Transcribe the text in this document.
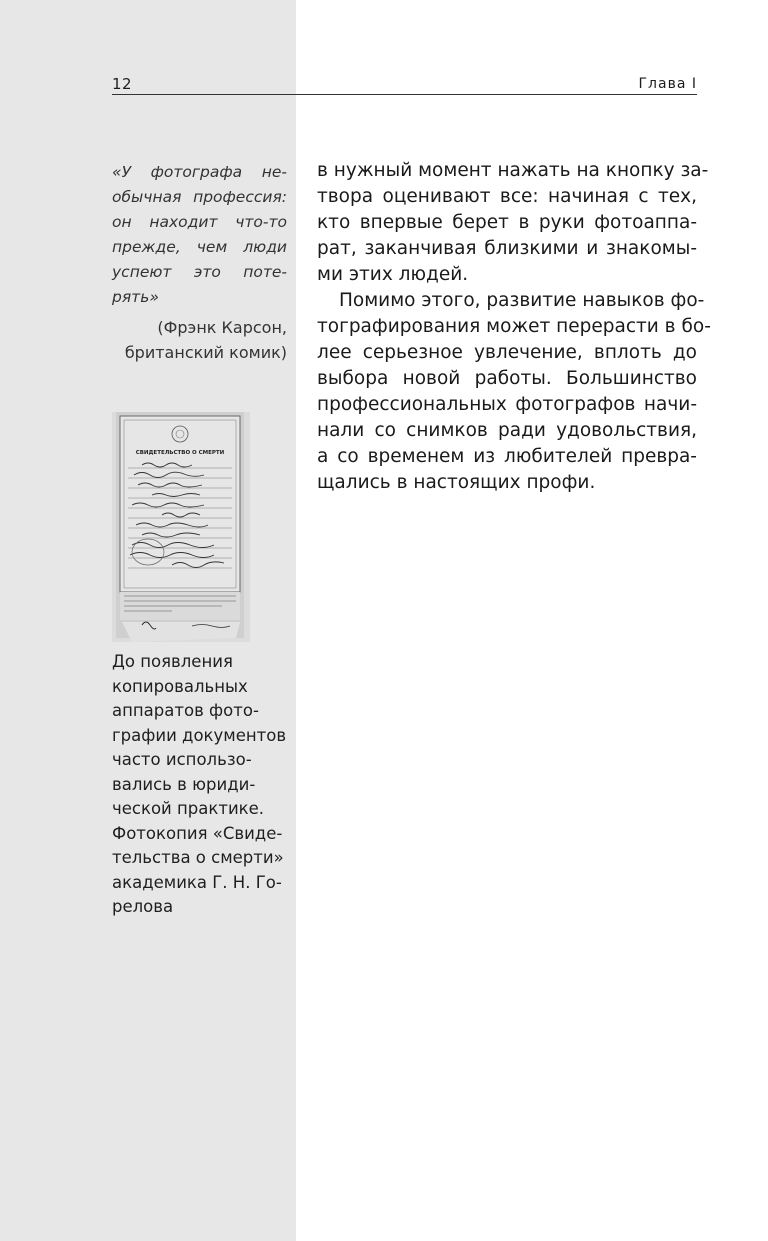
12	Глава I
«У фотографа не-
обычная профессия:
он находит что-то
прежде, чем люди
успеют это поте-
рять»
(Фрэнк Карсон,
британский комик)
СВИДЕТЕЛЬСТВО О СМЕРТИ
До появления
копировальных
аппаратов фото-
графии документов
часто использо-
вались в юриди-
ческой практике.
Фотокопия «Свиде-
тельства о смерти»
академика Г. Н. Го-
релова
в нужный момент нажать на кнопку за-
твора оценивают все: начиная с тех,
кто впервые берет в руки фотоаппа-
рат, заканчивая близкими и знакомы-
ми этих людей.
Помимо этого, развитие навыков фо-
тографирования может перерасти в бо-
лее серьезное увлечение, вплоть до
выбора новой работы. Большинство
профессиональных фотографов начи-
нали со снимков ради удовольствия,
а со временем из любителей превра-
щались в настоящих профи.
